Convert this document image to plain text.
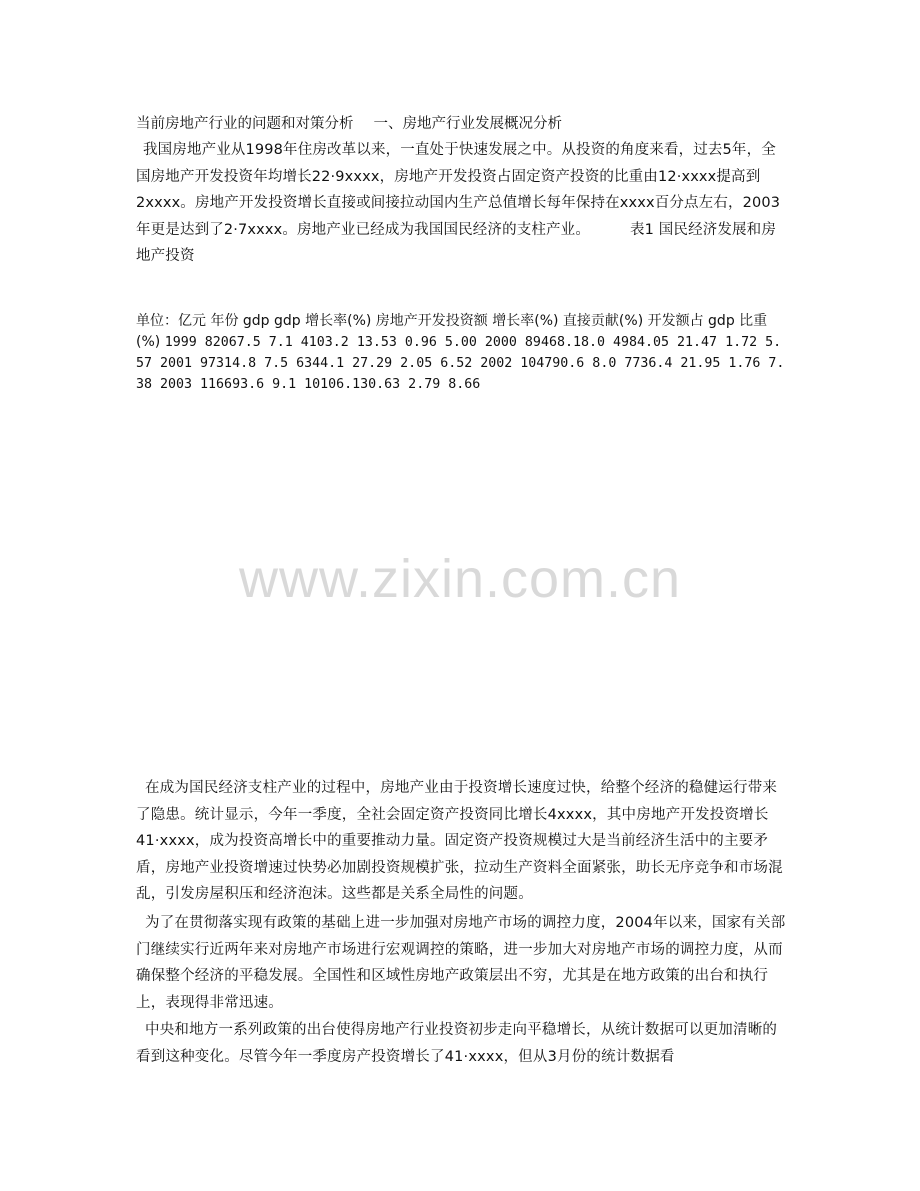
当前房地产行业的问题和对策分析 一、房地产行业发展概况分析

我国房地产业从1998年住房改革以来，一直处于快速发展之中。从投资的角度来看，过去5年，全国房地产开发投资年均增长22·9xxxx，房地产开发投资占固定资产投资的比重由12·xxxx提高到2xxxx。房地产开发投资增长直接或间接拉动国内生产总值增长每年保持在xxxx百分点左右，2003年更是达到了2·7xxxx。房地产业已经成为我国国民经济的支柱产业。	表1 国民经济发展和房地产投资

单位：亿元 年份 gdp gdp 增长率(%) 房地产开发投资额 增长率(%) 直接贡献(%) 开发额占 gdp 比重(%) 1999 82067.5 7.1 4103.2 13.53 0.96 5.00 2000 89468.18.0 4984.05 21.47 1.72 5.57 2001 97314.8 7.5 6344.1 27.29 2.05 6.52 2002 104790.6 8.0 7736.4 21.95 1.76 7.38 2003 116693.6 9.1 10106.130.63 2.79 8.66

www.zixin.com.cn

在成为国民经济支柱产业的过程中，房地产业由于投资增长速度过快，给整个经济的稳健运行带来了隐患。统计显示，今年一季度，全社会固定资产投资同比增长4xxxx，其中房地产开发投资增长41·xxxx，成为投资高增长中的重要推动力量。固定资产投资规模过大是当前经济生活中的主要矛盾，房地产业投资增速过快势必加剧投资规模扩张，拉动生产资料全面紧张，助长无序竞争和市场混乱，引发房屋积压和经济泡沫。这些都是关系全局性的问题。

为了在贯彻落实现有政策的基础上进一步加强对房地产市场的调控力度，2004年以来，国家有关部门继续实行近两年来对房地产市场进行宏观调控的策略，进一步加大对房地产市场的调控力度，从而确保整个经济的平稳发展。全国性和区域性房地产政策层出不穷，尤其是在地方政策的出台和执行上，表现得非常迅速。

中央和地方一系列政策的出台使得房地产行业投资初步走向平稳增长，从统计数据可以更加清晰的看到这种变化。尽管今年一季度房产投资增长了41·xxxx，但从3月份的统计数据看
